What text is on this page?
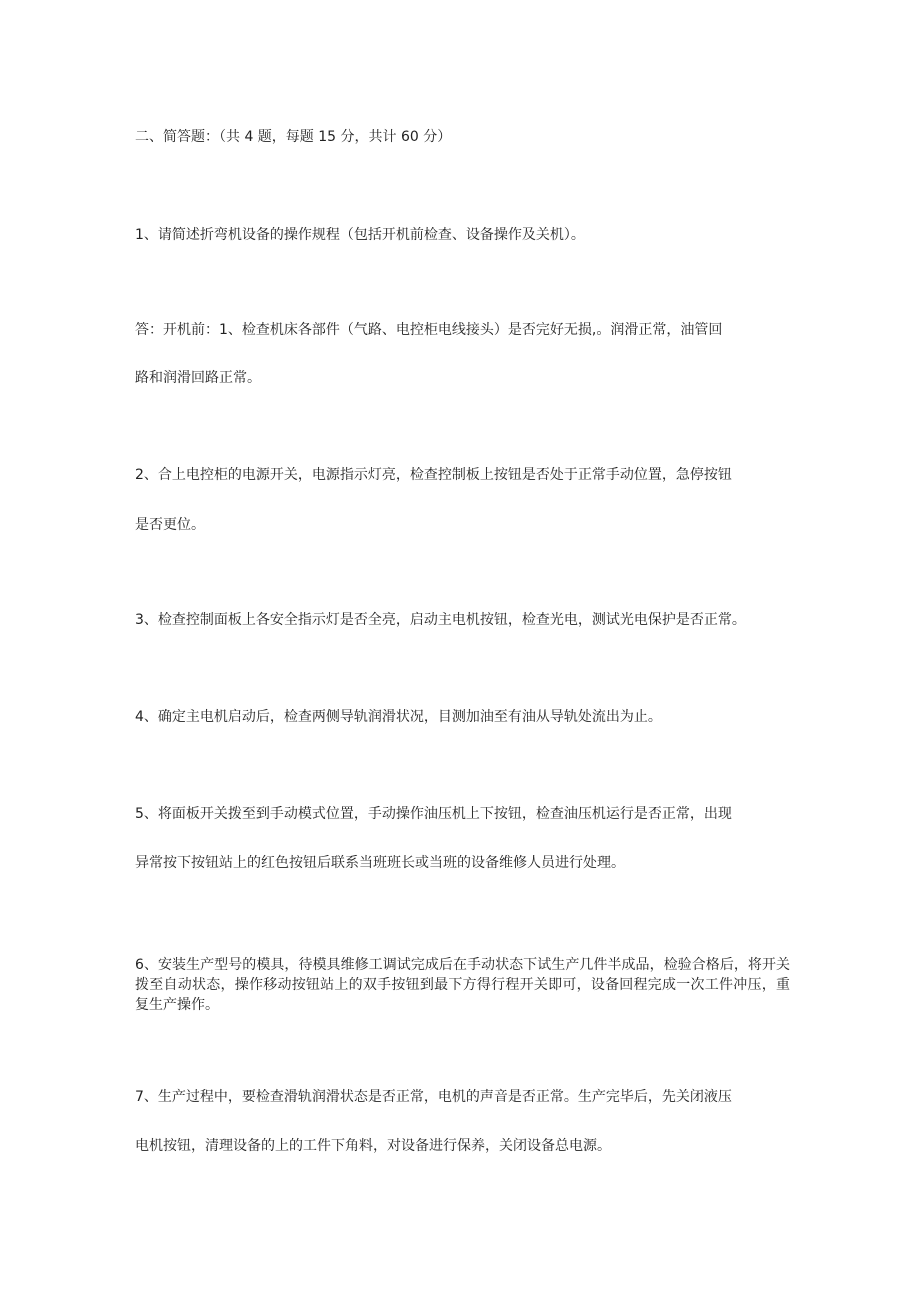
二、简答题：（共 4 题，每题 15 分，共计 60 分）
1、请简述折弯机设备的操作规程（包括开机前检查、设备操作及关机）。
答：开机前：1、检查机床各部件（气路、电控柜电线接头）是否完好无损,。润滑正常，油管回
路和润滑回路正常。
2、合上电控柜的电源开关，电源指示灯亮，检查控制板上按钮是否处于正常手动位置，急停按钮
是否更位。
3、检查控制面板上各安全指示灯是否全亮，启动主电机按钮，检查光电，测试光电保护是否正常。
4、确定主电机启动后，检查两侧导轨润滑状况，目测加油至有油从导轨处流出为止。
5、将面板开关拨至到手动模式位置，手动操作油压机上下按钮，检查油压机运行是否正常，出现
异常按下按钮站上的红色按钮后联系当班班长或当班的设备维修人员进行处理。
6、安装生产型号的模具，待模具维修工调试完成后在手动状态下试生产几件半成品，检验合格后，将开关拨至自动状态，操作移动按钮站上的双手按钮到最下方得行程开关即可，设备回程完成一次工件冲压，重复生产操作。
7、生产过程中，要检查滑轨润滑状态是否正常，电机的声音是否正常。生产完毕后，先关闭液压
电机按钮，清理设备的上的工件下角料，对设备进行保养，关闭设备总电源。
